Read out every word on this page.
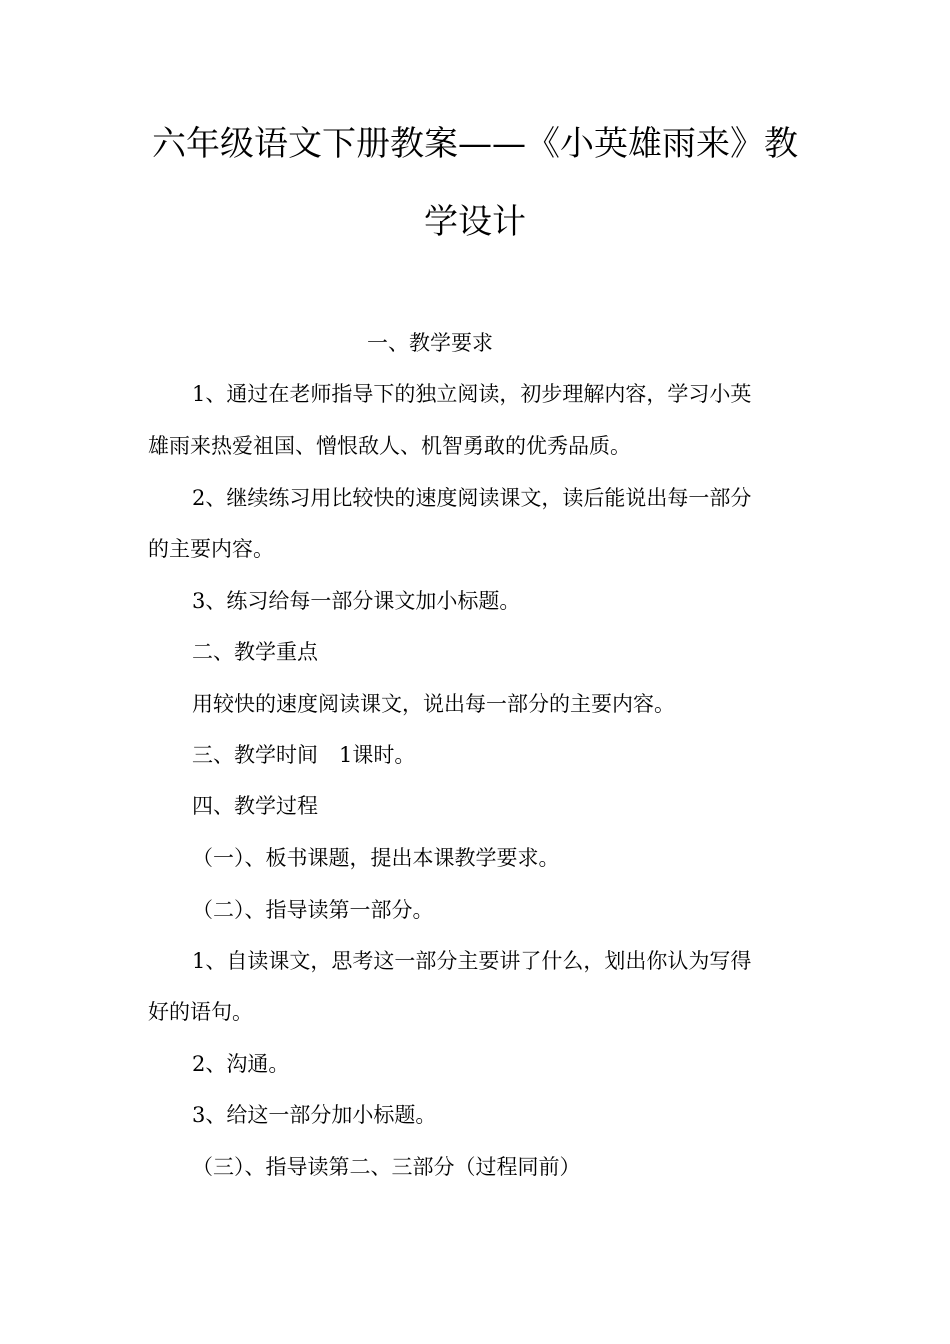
六年级语文下册教案——《小英雄雨来》教
学设计
一、教学要求
1、通过在老师指导下的独立阅读，初步理解内容，学习小英
雄雨来热爱祖国、憎恨敌人、机智勇敢的优秀品质。
2、继续练习用比较快的速度阅读课文，读后能说出每一部分
的主要内容。
3、练习给每一部分课文加小标题。
二、教学重点
用较快的速度阅读课文，说出每一部分的主要内容。
三、教学时间　1课时。
四、教学过程
（一）、板书课题，提出本课教学要求。
（二）、指导读第一部分。
1、自读课文，思考这一部分主要讲了什么，划出你认为写得
好的语句。
2、沟通。
3、给这一部分加小标题。
（三）、指导读第二、三部分（过程同前）
